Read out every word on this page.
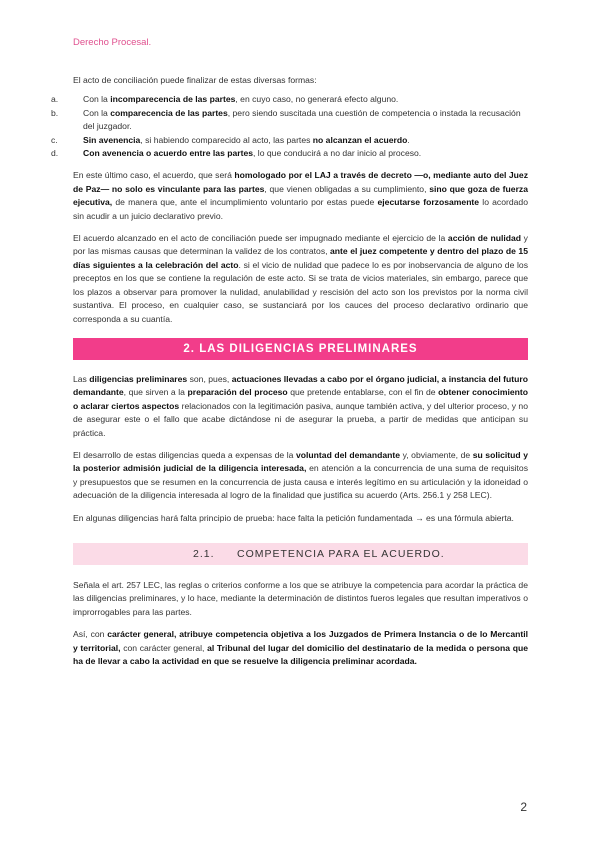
Derecho Procesal.

El acto de conciliación puede finalizar de estas diversas formas:

a.	Con la incomparecencia de las partes, en cuyo caso, no generará efecto alguno.
b.	Con la comparecencia de las partes, pero siendo suscitada una cuestión de competencia o instada la recusación del juzgador.
c.	Sin avenencia, si habiendo comparecido al acto, las partes no alcanzan el acuerdo.
d.	Con avenencia o acuerdo entre las partes, lo que conducirá a no dar inicio al proceso.

En este último caso, el acuerdo, que será homologado por el LAJ a través de decreto —o, mediante auto del Juez de Paz— no solo es vinculante para las partes, que vienen obligadas a su cumplimiento, sino que goza de fuerza ejecutiva, de manera que, ante el incumplimiento voluntario por estas puede ejecutarse forzosamente lo acordado sin acudir a un juicio declarativo previo.

El acuerdo alcanzado en el acto de conciliación puede ser impugnado mediante el ejercicio de la acción de nulidad y por las mismas causas que determinan la validez de los contratos, ante el juez competente y dentro del plazo de 15 días siguientes a la celebración del acto. si el vicio de nulidad que padece lo es por inobservancia de alguno de los preceptos en los que se contiene la regulación de este acto. Si se trata de vicios materiales, sin embargo, parece que los plazos a observar para promover la nulidad, anulabilidad y rescisión del acto son los previstos por la norma civil sustantiva. El proceso, en cualquier caso, se sustanciará por los cauces del proceso declarativo ordinario que corresponda a su cuantía.

2. LAS DILIGENCIAS PRELIMINARES

Las diligencias preliminares son, pues, actuaciones llevadas a cabo por el órgano judicial, a instancia del futuro demandante, que sirven a la preparación del proceso que pretende entablarse, con el fin de obtener conocimiento o aclarar ciertos aspectos relacionados con la legitimación pasiva, aunque también activa, y del ulterior proceso, y no de asegurar este o el fallo que acabe dictándose ni de asegurar la prueba, a partir de medidas que anticipan su práctica.

El desarrollo de estas diligencias queda a expensas de la voluntad del demandante y, obviamente, de su solicitud y la posterior admisión judicial de la diligencia interesada, en atención a la concurrencia de una suma de requisitos y presupuestos que se resumen en la concurrencia de justa causa e interés legítimo en su articulación y la idoneidad o adecuación de la diligencia interesada al logro de la finalidad que justifica su acuerdo (Arts. 256.1 y 258 LEC).

En algunas diligencias hará falta principio de prueba: hace falta la petición fundamentada → es una fórmula abierta.

2.1. COMPETENCIA PARA EL ACUERDO.

Señala el art. 257 LEC, las reglas o criterios conforme a los que se atribuye la competencia para acordar la práctica de las diligencias preliminares, y lo hace, mediante la determinación de distintos fueros legales que resultan imperativos o improrrogables para las partes.

Así, con carácter general, atribuye competencia objetiva a los Juzgados de Primera Instancia o de lo Mercantil y territorial, con carácter general, al Tribunal del lugar del domicilio del destinatario de la medida o persona que ha de llevar a cabo la actividad en que se resuelve la diligencia preliminar acordada.

2
